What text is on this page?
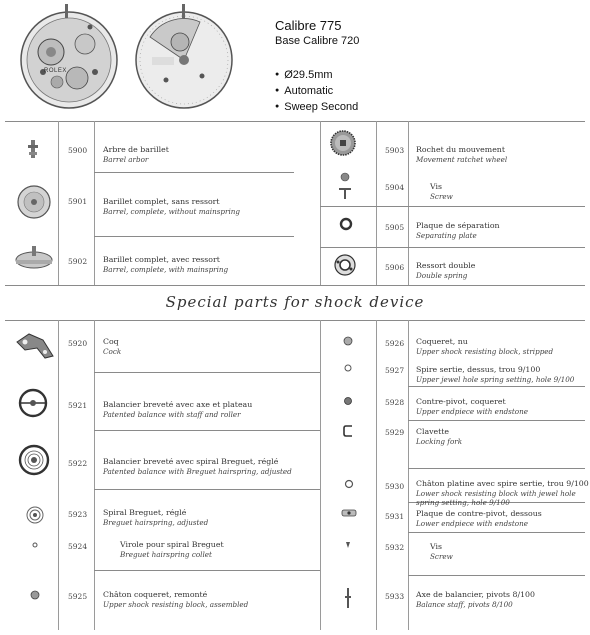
ROLEX
Calibre 775
Base Calibre 720
● Ø29.5mm
● Automatic
● Sweep Second
5900	Arbre de barillet
Barrel arbor
5901	Barillet complet, sans ressort
Barrel, complete, without mainspring
5902	Barillet complet, avec ressort
Barrel, complete, with mainspring
5903	Rochet du mouvement
Movement ratchet wheel
5904	Vis
Screw
5905	Plaque de séparation
Separating plate
5906	Ressort double
Double spring
Special parts for shock device
5920	Coq
Cock
5921	Balancier breveté avec axe et plateau
Patented balance with staff and roller
5922	Balancier breveté avec spiral Breguet, réglé
Patented balance with Breguet hairspring, adjusted
5923	Spiral Breguet, réglé
Breguet hairspring, adjusted
5924	Virole pour spiral Breguet
Breguet hairspring collet
5925	Châton coqueret, remonté
Upper shock resisting block, assembled
5926	Coqueret, nu
Upper shock resisting block, stripped
5927	Spire sertie, dessus, trou 9/100
Upper jewel hole spring setting, hole 9/100
5928	Contre-pivot, coqueret
Upper endpiece with endstone
5929	Clavette
Locking fork
5930	Châton platine avec spire sertie, trou 9/100
Lower shock resisting block with jewel hole
spring setting, hole 9/100
5931	Plaque de contre-pivot, dessous
Lower endpiece with endstone
5932	Vis
Screw
5933	Axe de balancier, pivots 8/100
Balance staff, pivots 8/100
